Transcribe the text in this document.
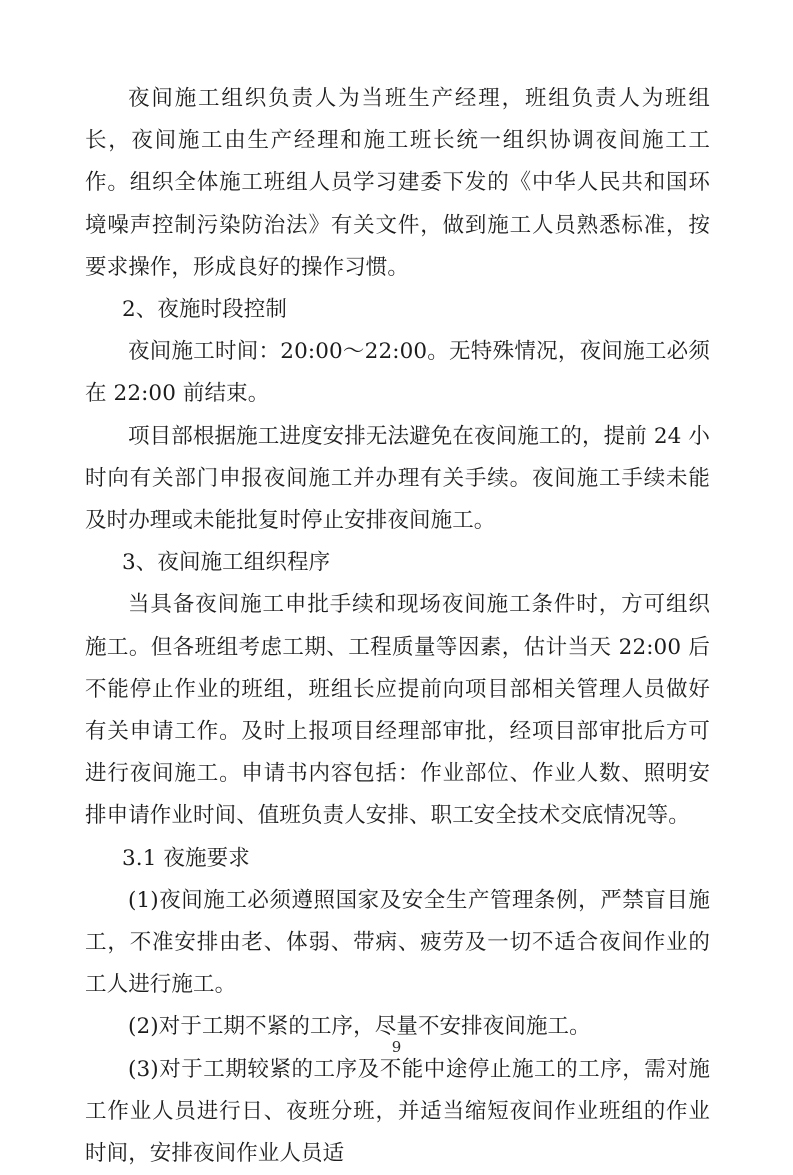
夜间施工组织负责人为当班生产经理，班组负责人为班组长，夜间施工由生产经理和施工班长统一组织协调夜间施工工作。组织全体施工班组人员学习建委下发的《中华人民共和国环境噪声控制污染防治法》有关文件，做到施工人员熟悉标准，按要求操作，形成良好的操作习惯。

2、夜施时段控制

夜间施工时间：20:00～22:00。无特殊情况，夜间施工必须在 22:00 前结束。

项目部根据施工进度安排无法避免在夜间施工的，提前 24 小时向有关部门申报夜间施工并办理有关手续。夜间施工手续未能及时办理或未能批复时停止安排夜间施工。

3、夜间施工组织程序

当具备夜间施工申批手续和现场夜间施工条件时，方可组织施工。但各班组考虑工期、工程质量等因素，估计当天 22:00 后不能停止作业的班组，班组长应提前向项目部相关管理人员做好有关申请工作。及时上报项目经理部审批，经项目部审批后方可进行夜间施工。申请书内容包括：作业部位、作业人数、照明安排申请作业时间、值班负责人安排、职工安全技术交底情况等。

3.1 夜施要求

(1)夜间施工必须遵照国家及安全生产管理条例，严禁盲目施工，不准安排由老、体弱、带病、疲劳及一切不适合夜间作业的工人进行施工。

(2)对于工期不紧的工序，尽量不安排夜间施工。

(3)对于工期较紧的工序及不能中途停止施工的工序，需对施工作业人员进行日、夜班分班，并适当缩短夜间作业班组的作业时间，安排夜间作业人员适

9
